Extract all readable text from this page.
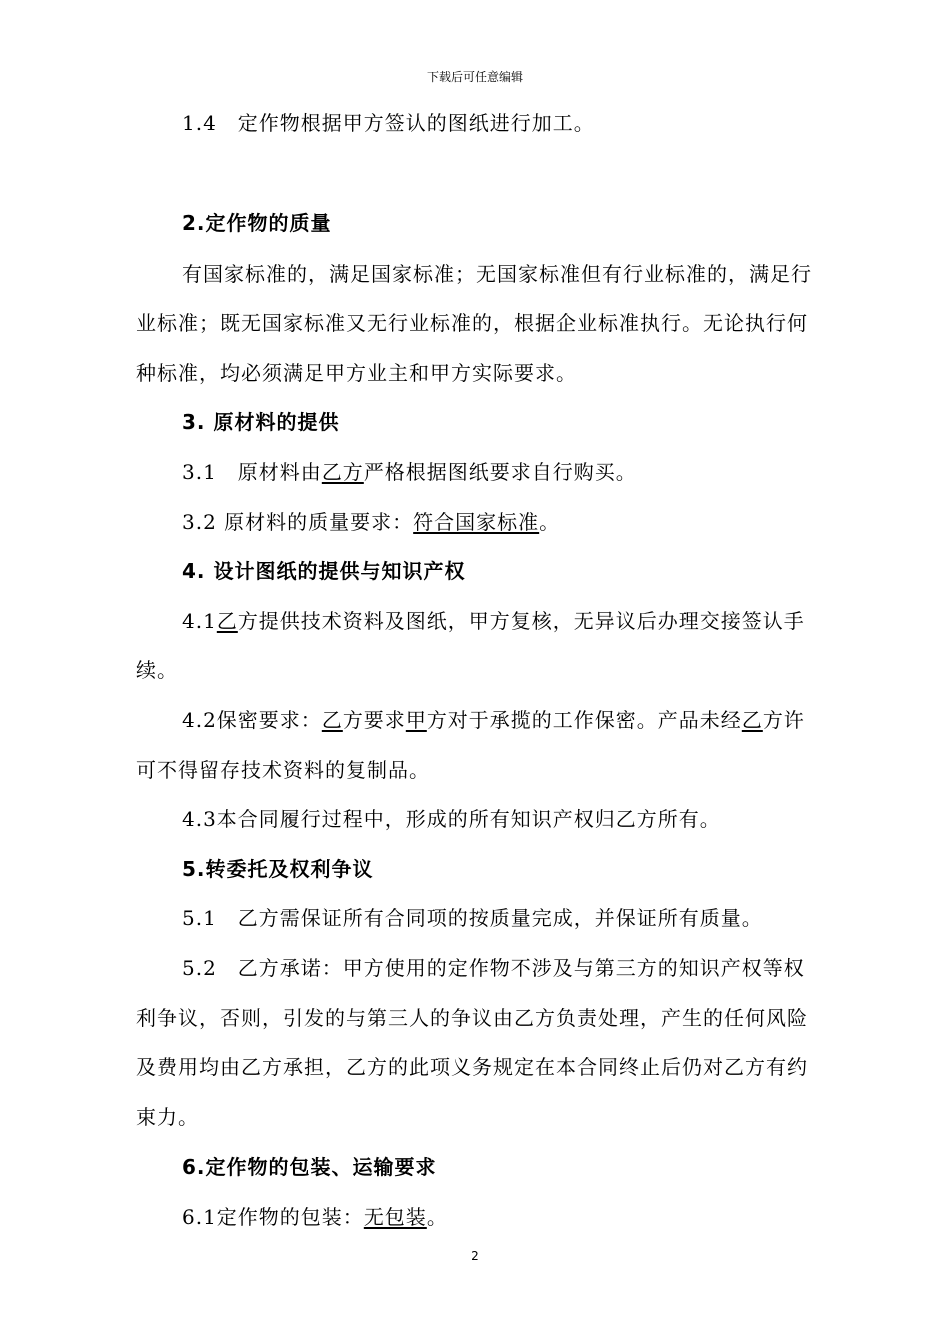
下载后可任意编辑
1.4　定作物根据甲方签认的图纸进行加工。
2.定作物的质量
有国家标准的，满足国家标准；无国家标准但有行业标准的，满足行
业标准；既无国家标准又无行业标准的，根据企业标准执行。无论执行何
种标准，均必须满足甲方业主和甲方实际要求。
3. 原材料的提供
3.1　原材料由乙方严格根据图纸要求自行购买。
3.2 原材料的质量要求：符合国家标准。
4. 设计图纸的提供与知识产权
4.1乙方提供技术资料及图纸，甲方复核，无异议后办理交接签认手
续。
4.2保密要求：乙方要求甲方对于承揽的工作保密。产品未经乙方许
可不得留存技术资料的复制品。
4.3本合同履行过程中，形成的所有知识产权归乙方所有。
5.转委托及权利争议
5.1　乙方需保证所有合同项的按质量完成，并保证所有质量。
5.2　乙方承诺：甲方使用的定作物不涉及与第三方的知识产权等权
利争议，否则，引发的与第三人的争议由乙方负责处理，产生的任何风险
及费用均由乙方承担，乙方的此项义务规定在本合同终止后仍对乙方有约
束力。
6.定作物的包装、运输要求
6.1定作物的包装：无包装。
2
